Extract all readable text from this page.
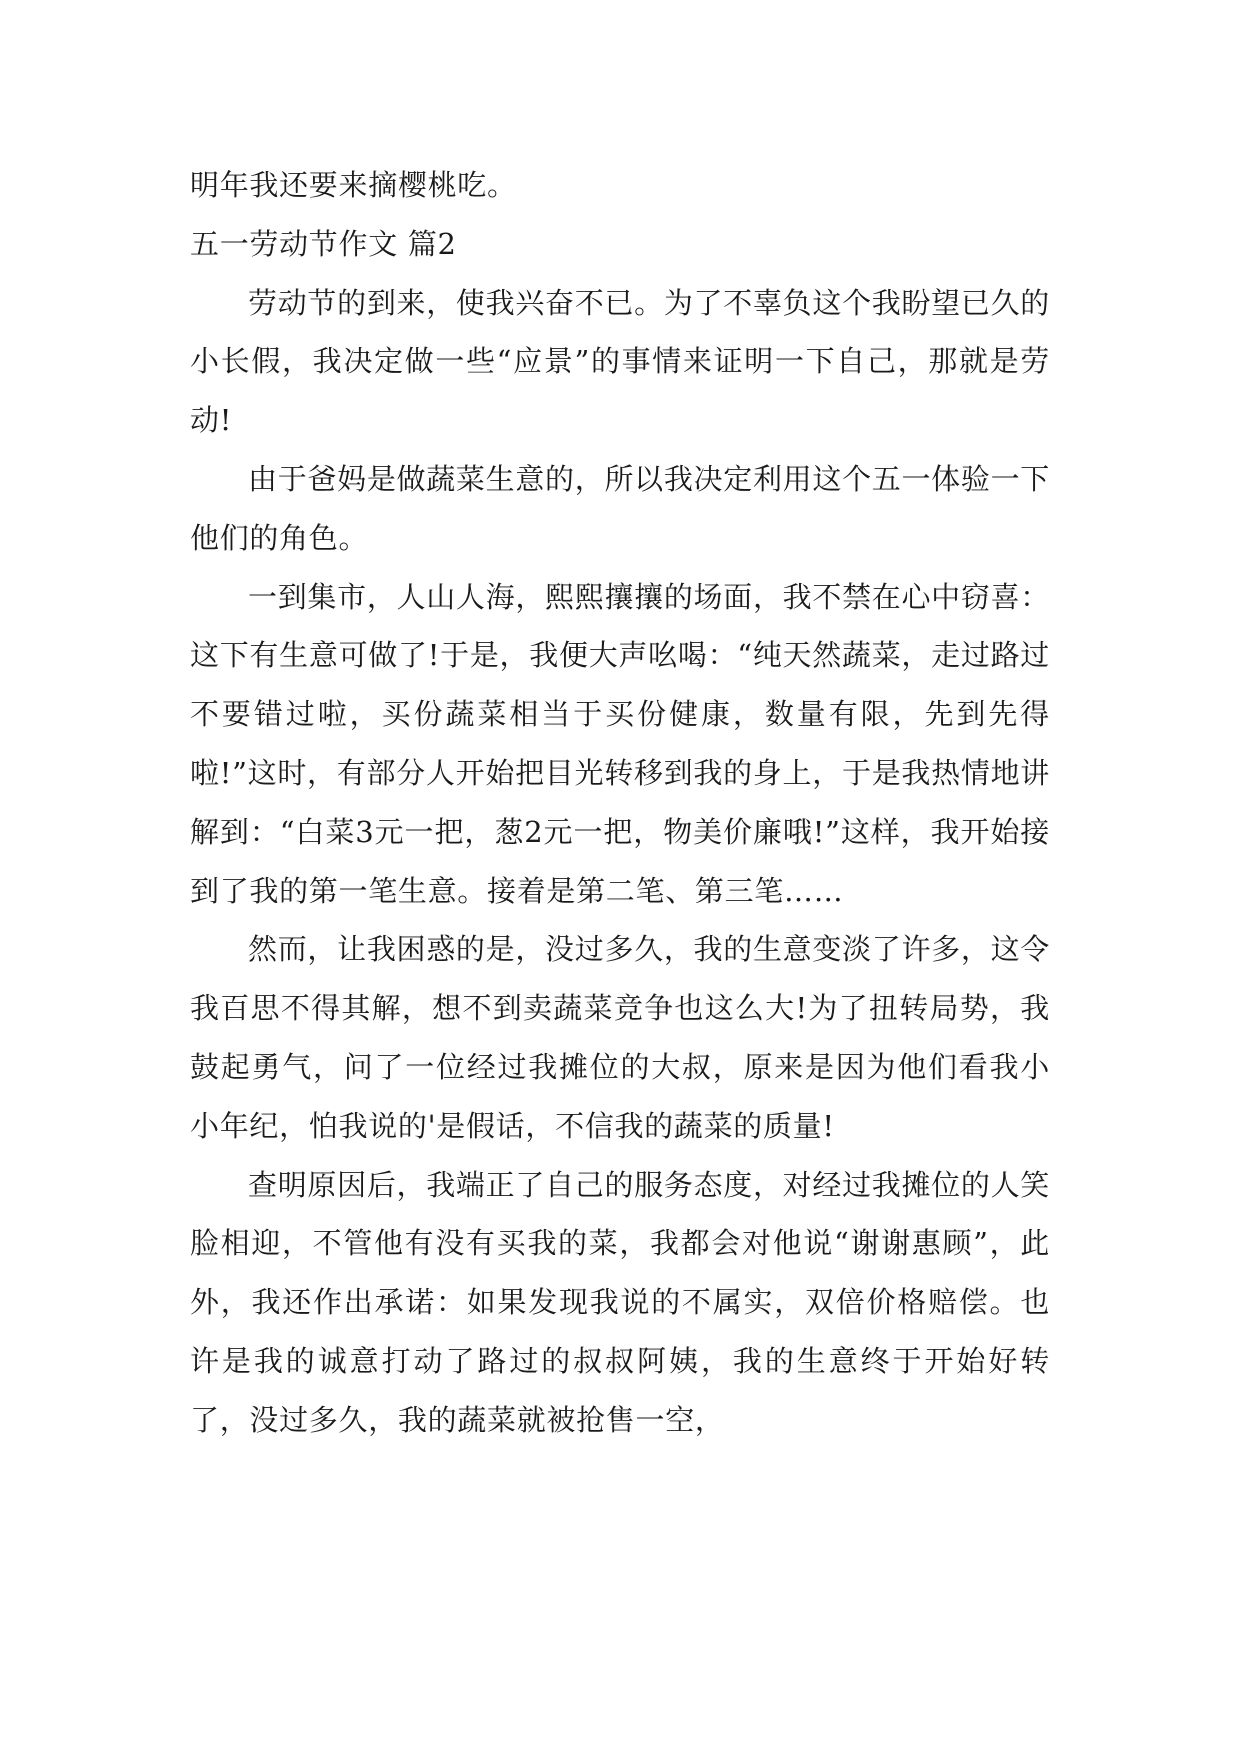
明年我还要来摘樱桃吃。

五一劳动节作文 篇2

劳动节的到来，使我兴奋不已。为了不辜负这个我盼望已久的小长假，我决定做一些“应景”的事情来证明一下自己，那就是劳动!

由于爸妈是做蔬菜生意的，所以我决定利用这个五一体验一下他们的角色。

一到集市，人山人海，熙熙攘攘的场面，我不禁在心中窃喜：这下有生意可做了!于是，我便大声吆喝：“纯天然蔬菜，走过路过不要错过啦，买份蔬菜相当于买份健康，数量有限，先到先得啦!”这时，有部分人开始把目光转移到我的身上，于是我热情地讲解到：“白菜3元一把，葱2元一把，物美价廉哦!”这样，我开始接到了我的第一笔生意。接着是第二笔、第三笔……

然而，让我困惑的是，没过多久，我的生意变淡了许多，这令我百思不得其解，想不到卖蔬菜竞争也这么大!为了扭转局势，我鼓起勇气，问了一位经过我摊位的大叔，原来是因为他们看我小小年纪，怕我说的'是假话，不信我的蔬菜的质量!

查明原因后，我端正了自己的服务态度，对经过我摊位的人笑脸相迎，不管他有没有买我的菜，我都会对他说“谢谢惠顾”，此外，我还作出承诺：如果发现我说的不属实，双倍价格赔偿。也许是我的诚意打动了路过的叔叔阿姨，我的生意终于开始好转了，没过多久，我的蔬菜就被抢售一空，
